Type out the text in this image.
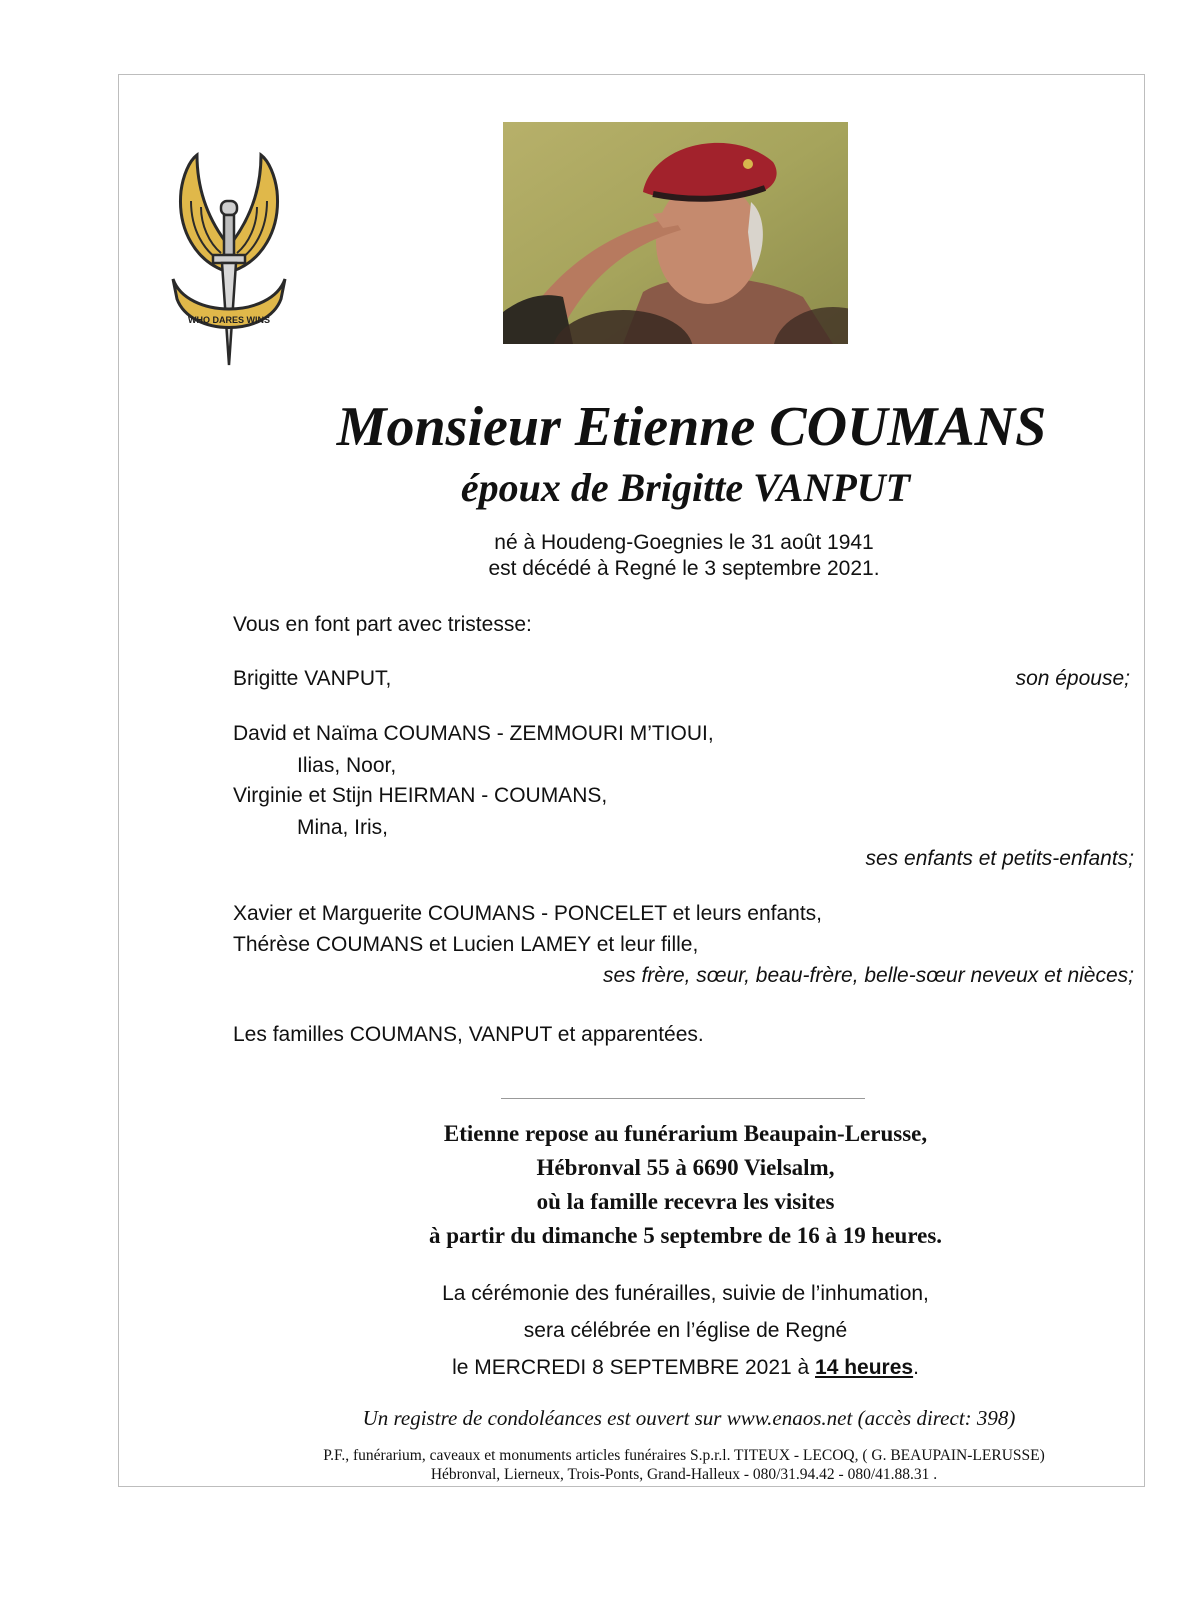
WHO DARES WINS
Monsieur Etienne COUMANS
époux de Brigitte VANPUT
né à Houdeng-Goegnies le 31 août 1941
est décédé à Regné le 3 septembre 2021.
Vous en font part avec tristesse:
Brigitte VANPUT,	son épouse;
David et Naïma COUMANS - ZEMMOURI M’TIOUI,
Ilias, Noor,
Virginie et Stijn HEIRMAN - COUMANS,
Mina, Iris,
ses enfants et petits-enfants;
Xavier et Marguerite COUMANS - PONCELET et leurs enfants,
Thérèse COUMANS et Lucien LAMEY et leur fille,
ses frère, sœur, beau-frère, belle-sœur neveux et nièces;
Les familles COUMANS, VANPUT et apparentées.
Etienne repose au funérarium Beaupain-Lerusse,
Hébronval 55 à 6690 Vielsalm,
où la famille recevra les visites
à partir du dimanche 5 septembre de 16 à 19 heures.
La cérémonie des funérailles, suivie de l’inhumation,
sera célébrée en l’église de Regné
le MERCREDI 8 SEPTEMBRE 2021 à 14 heures.
Un registre de condoléances est ouvert sur www.enaos.net (accès direct: 398)
P.F., funérarium, caveaux et monuments articles funéraires S.p.r.l. TITEUX - LECOQ, ( G. BEAUPAIN-LERUSSE)
Hébronval, Lierneux, Trois-Ponts, Grand-Halleux - 080/31.94.42 - 080/41.88.31 .
